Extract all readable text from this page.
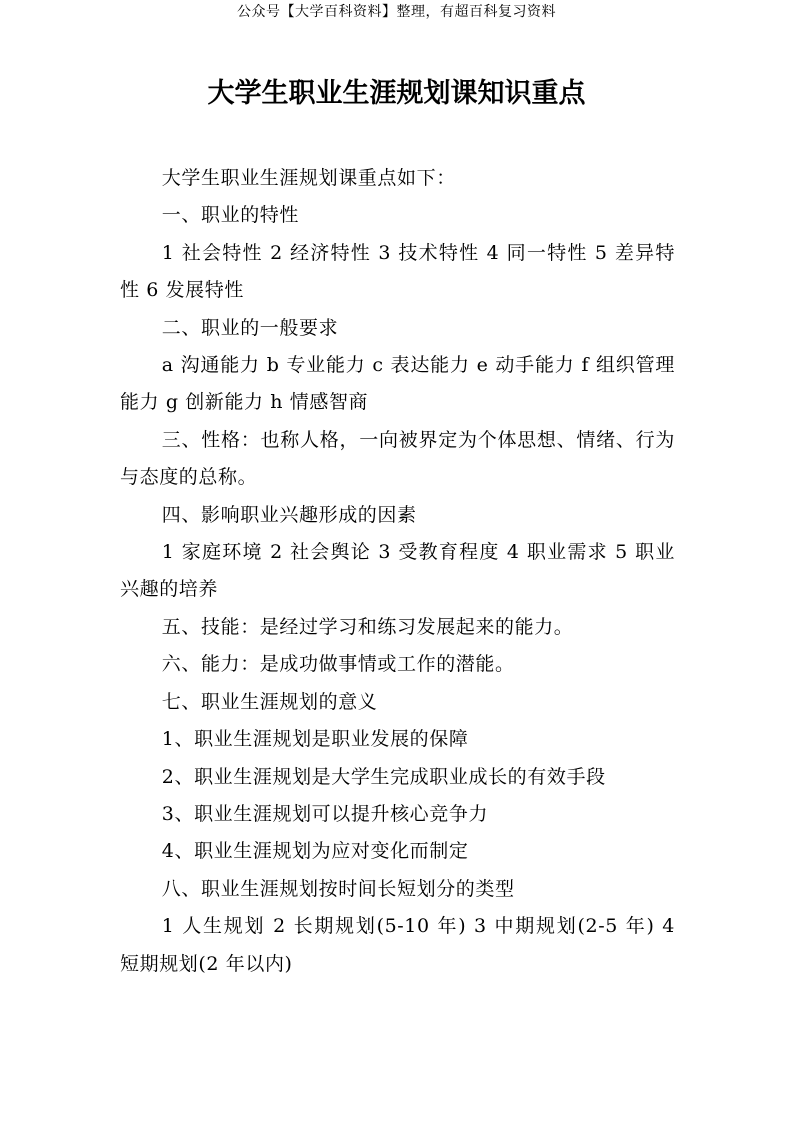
公众号【大学百科资料】整理，有超百科复习资料
大学生职业生涯规划课知识重点

大学生职业生涯规划课重点如下：

一、职业的特性

1 社会特性 2 经济特性 3 技术特性 4 同一特性 5 差异特性 6 发展特性

二、职业的一般要求

a 沟通能力 b 专业能力 c 表达能力 e 动手能力 f 组织管理能力 g 创新能力 h 情感智商

三、性格：也称人格，一向被界定为个体思想、情绪、行为与态度的总称。

四、影响职业兴趣形成的因素

1 家庭环境 2 社会舆论 3 受教育程度 4 职业需求 5 职业兴趣的培养

五、技能：是经过学习和练习发展起来的能力。

六、能力：是成功做事情或工作的潜能。

七、职业生涯规划的意义

1、职业生涯规划是职业发展的保障

2、职业生涯规划是大学生完成职业成长的有效手段

3、职业生涯规划可以提升核心竞争力

4、职业生涯规划为应对变化而制定

八、职业生涯规划按时间长短划分的类型

1 人生规划 2 长期规划(5-10 年) 3 中期规划(2-5 年) 4 短期规划(2 年以内)
